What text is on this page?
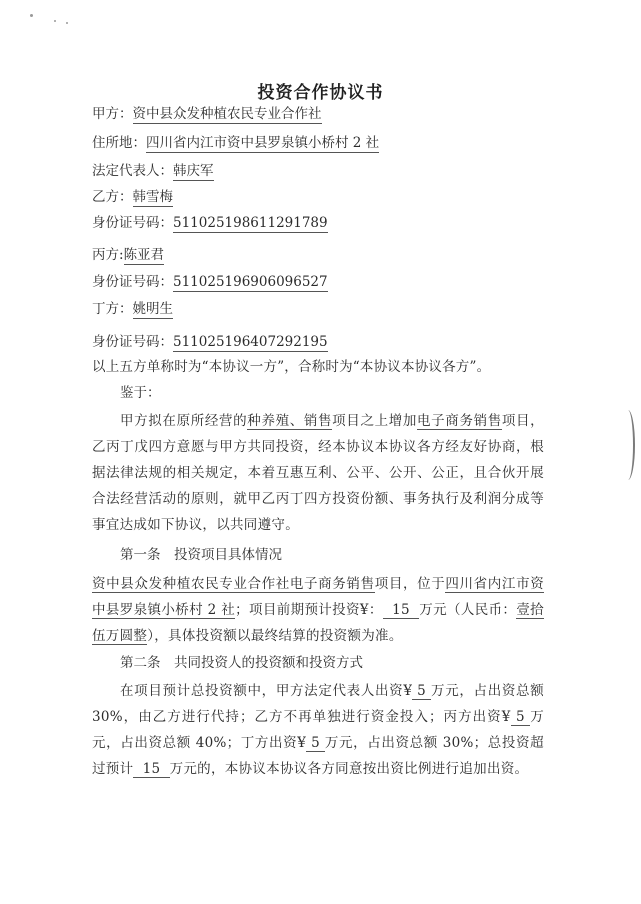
投资合作协议书
甲方：资中县众发种植农民专业合作社
住所地：四川省内江市资中县罗泉镇小桥村 2 社
法定代表人：韩庆军
乙方：韩雪梅
身份证号码：511025198611291789
丙方:陈亚君
身份证号码：511025196906096527
丁方：姚明生
身份证号码：511025196407292195
以上五方单称时为“本协议一方”，合称时为“本协议本协议各方”。
鉴于：
甲方拟在原所经营的种养殖、销售项目之上增加电子商务销售项目，乙丙丁戊四方意愿与甲方共同投资，经本协议本协议各方经友好协商，根据法律法规的相关规定，本着互惠互利、公平、公开、公正，且合伙开展合法经营活动的原则，就甲乙丙丁四方投资份额、事务执行及利润分成等事宜达成如下协议，以共同遵守。
第一条　投资项目具体情况
资中县众发种植农民专业合作社电子商务销售项目，位于四川省内江市资中县罗泉镇小桥村 2 社；项目前期预计投资¥：  15  万元（人民币：壹拾伍万圆整），具体投资额以最终结算的投资额为准。
第二条　共同投资人的投资额和投资方式
在项目预计总投资额中，甲方法定代表人出资¥ 5 万元，占出资总额 30%，由乙方进行代持；乙方不再单独进行资金投入；丙方出资¥ 5 万元，占出资总额 40%；丁方出资¥ 5 万元，占出资总额 30%；总投资超过预计  15  万元的，本协议本协议各方同意按出资比例进行追加出资。
